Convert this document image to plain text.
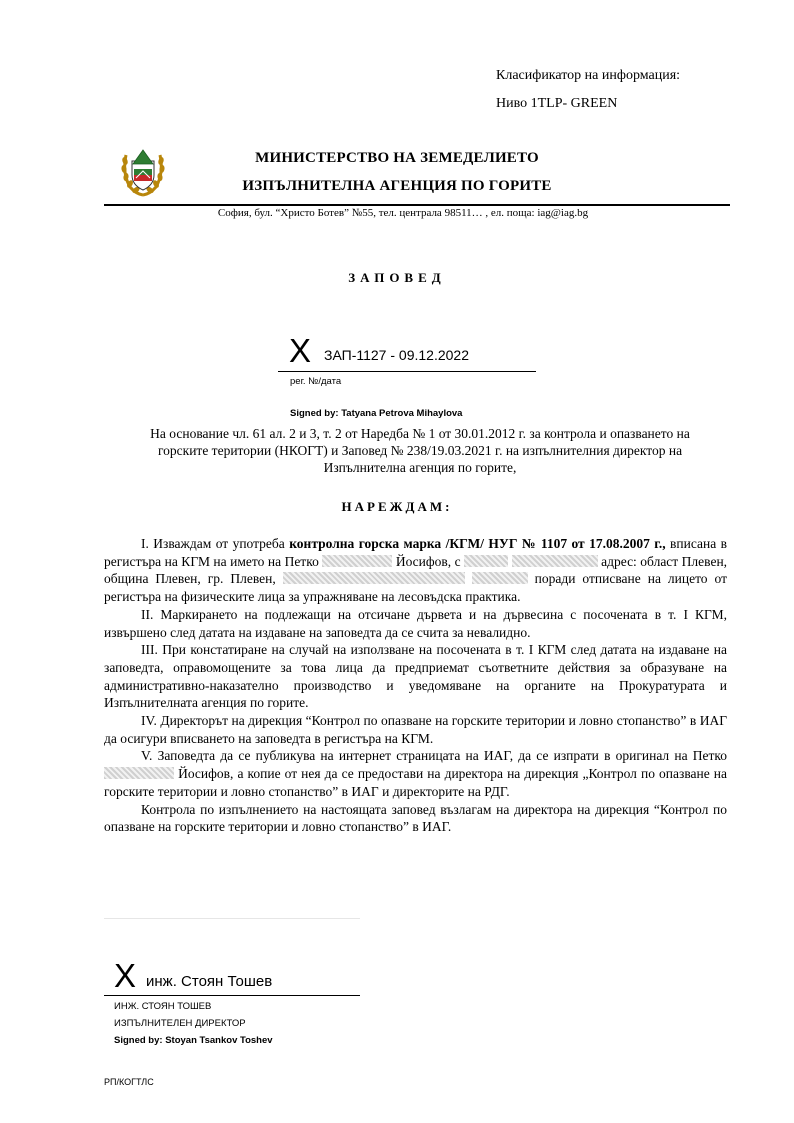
Класификатор на информация:
Ниво 1TLP- GREEN
МИНИСТЕРСТВО НА ЗЕМЕДЕЛИЕТО
ИЗПЪЛНИТЕЛНА АГЕНЦИЯ ПО ГОРИТЕ
София, бул. “Христо Ботев” №55, тел. централа 98511… , ел. поща: iag@iag.bg
ЗАПОВЕД
X ЗАП-1127 - 09.12.2022
рег. №/дата
Signed by: Tatyana Petrova Mihaylova
На основание чл. 61 ал. 2 и 3, т. 2 от Наредба № 1 от 30.01.2012 г. за контрола и опазването на горските територии (НКОГТ) и Заповед № 238/19.03.2021 г. на изпълнителния директор на Изпълнителна агенция по горите,
НАРЕЖДАМ:

I. Изваждам от употреба контролна горска марка /КГМ/ НУГ № 1107 от 17.08.2007 г., вписана в регистъра на КГМ на името на Петко	Йосифов, с	адрес: област Плевен, община Плевен, гр. Плевен,	поради отписване на лицето от регистъра на физическите лица за упражняване на лесовъдска практика.

II. Маркирането на подлежащи на отсичане дървета и на дървесина с посочената в т. I КГМ, извършено след датата на издаване на заповедта да се счита за невалидно.

III. При констатиране на случай на използване на посочената в т. I КГМ след датата на издаване на заповедта, оправомощените за това лица да предприемат съответните действия за образуване на административно-наказателно производство и уведомяване на органите на Прокуратурата и Изпълнителната агенция по горите.

IV. Директорът на дирекция “Контрол по опазване на горските територии и ловно стопанство” в ИАГ да осигури вписването на заповедта в регистъра на КГМ.

V. Заповедта да се публикува на интернет страницата на ИАГ, да се изпрати в оригинал на Петко  Йосифов, а копие от нея да се предостави на директора на дирекция „Контрол по опазване на горските територии и ловно стопанство” в ИАГ и директорите на РДГ.

Контрола по изпълнението на настоящата заповед възлагам на директора на дирекция “Контрол по опазване на горските територии и ловно стопанство” в ИАГ.

X инж. Стоян Тошев
ИНЖ. СТОЯН ТОШЕВ
ИЗПЪЛНИТЕЛЕН ДИРЕКТОР
Signed by: Stoyan Tsankov Toshev
РП/КОГТЛС
